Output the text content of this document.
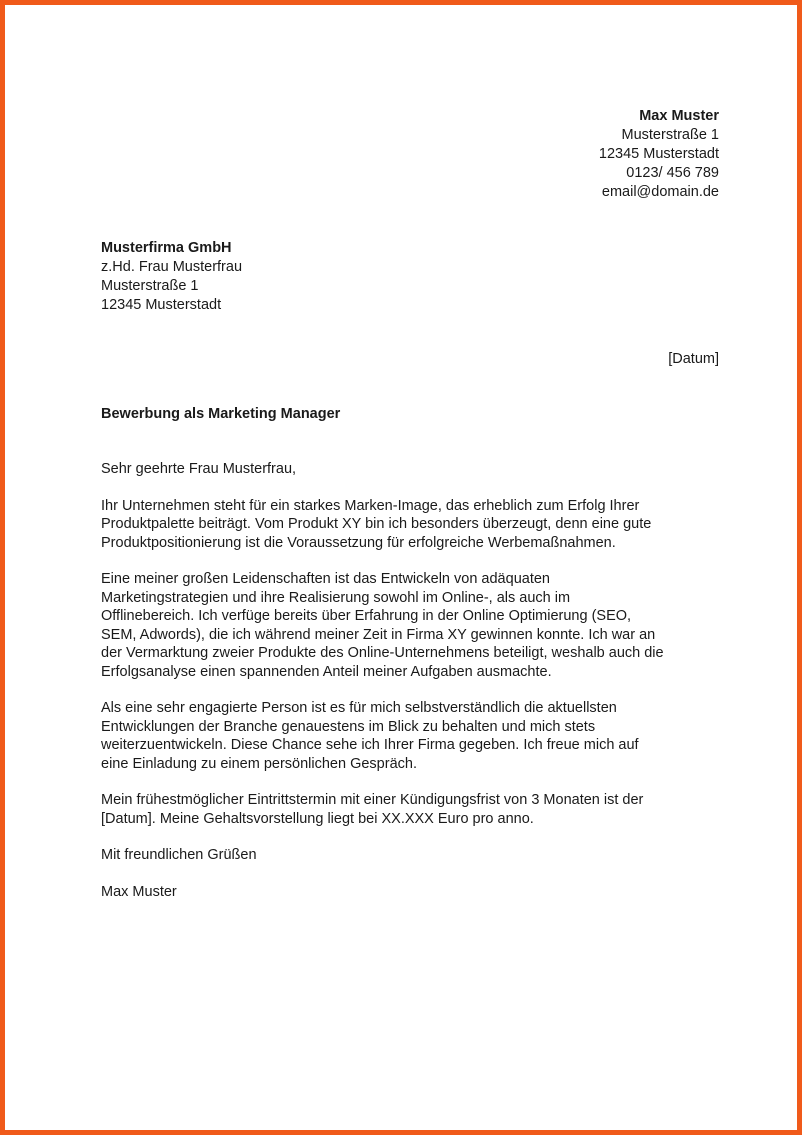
Max Muster
Musterstraße 1
12345 Musterstadt
0123/ 456 789
email@domain.de
Musterfirma GmbH
z.Hd. Frau Musterfrau
Musterstraße 1
12345 Musterstadt
[Datum]
Bewerbung als Marketing Manager

Sehr geehrte Frau Musterfrau,

Ihr Unternehmen steht für ein starkes Marken-Image, das erheblich zum Erfolg Ihrer
Produktpalette beiträgt. Vom Produkt XY bin ich besonders überzeugt, denn eine gute
Produktpositionierung ist die Voraussetzung für erfolgreiche Werbemaßnahmen.

Eine meiner großen Leidenschaften ist das Entwickeln von adäquaten
Marketingstrategien und ihre Realisierung sowohl im Online-, als auch im
Offlinebereich. Ich verfüge bereits über Erfahrung in der Online Optimierung (SEO,
SEM, Adwords), die ich während meiner Zeit in Firma XY gewinnen konnte. Ich war an
der Vermarktung zweier Produkte des Online-Unternehmens beteiligt, weshalb auch die
Erfolgsanalyse einen spannenden Anteil meiner Aufgaben ausmachte.

Als eine sehr engagierte Person ist es für mich selbstverständlich die aktuellsten
Entwicklungen der Branche genauestens im Blick zu behalten und mich stets
weiterzuentwickeln. Diese Chance sehe ich Ihrer Firma gegeben. Ich freue mich auf
eine Einladung zu einem persönlichen Gespräch.

Mein frühestmöglicher Eintrittstermin mit einer Kündigungsfrist von 3 Monaten ist der
[Datum]. Meine Gehaltsvorstellung liegt bei XX.XXX Euro pro anno.

Mit freundlichen Grüßen

Max Muster
